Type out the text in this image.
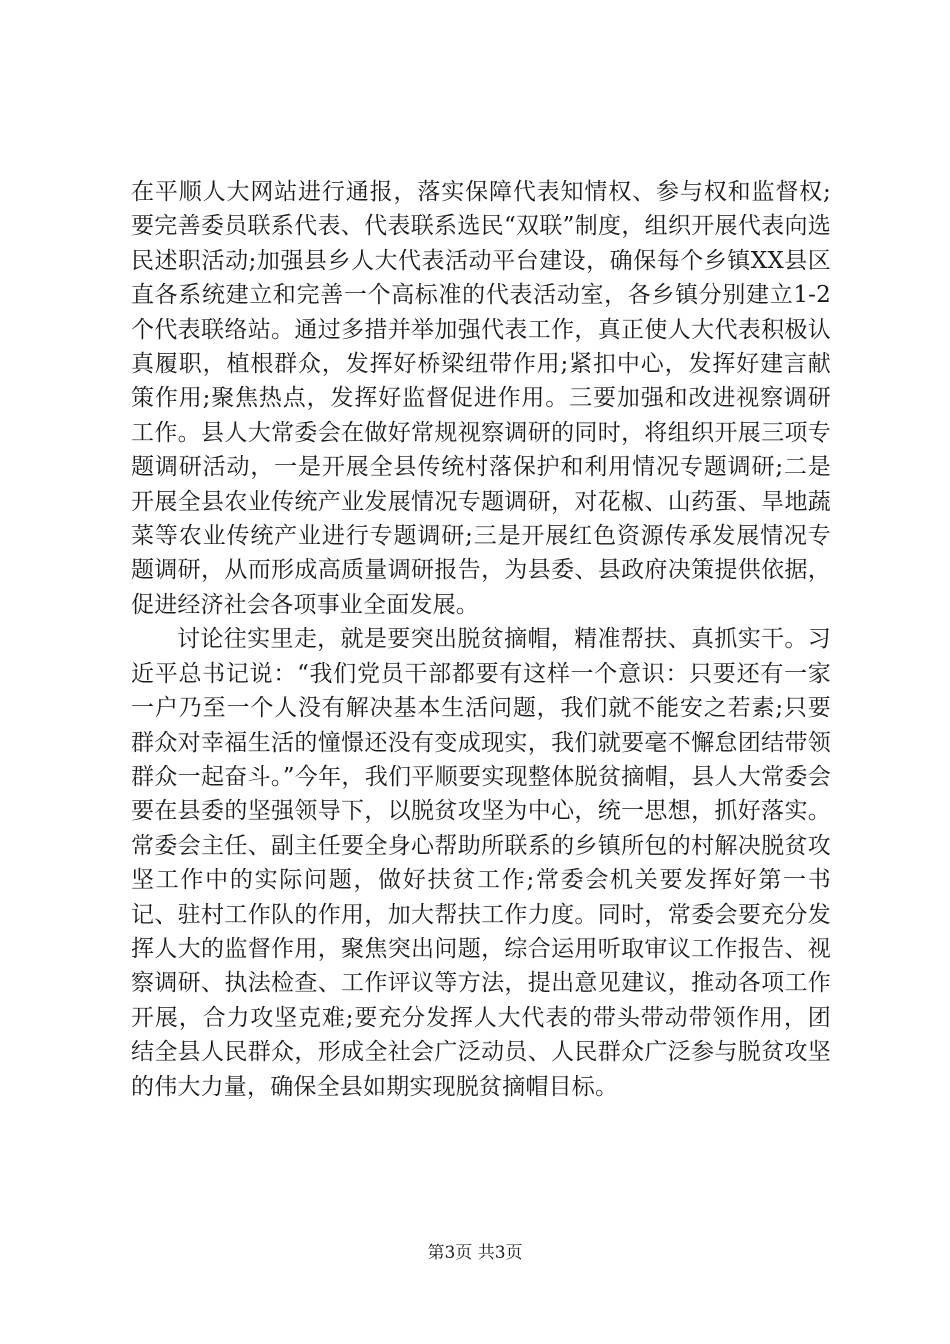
在平顺人大网站进行通报，落实保障代表知情权、参与权和监督权;要完善委员联系代表、代表联系选民“双联”制度，组织开展代表向选民述职活动;加强县乡人大代表活动平台建设，确保每个乡镇XX县区直各系统建立和完善一个高标准的代表活动室，各乡镇分别建立1-2个代表联络站。通过多措并举加强代表工作，真正使人大代表积极认真履职，植根群众，发挥好桥梁纽带作用;紧扣中心，发挥好建言献策作用;聚焦热点，发挥好监督促进作用。三要加强和改进视察调研工作。县人大常委会在做好常规视察调研的同时，将组织开展三项专题调研活动，一是开展全县传统村落保护和利用情况专题调研;二是开展全县农业传统产业发展情况专题调研，对花椒、山药蛋、旱地蔬菜等农业传统产业进行专题调研;三是开展红色资源传承发展情况专题调研，从而形成高质量调研报告，为县委、县政府决策提供依据，促进经济社会各项事业全面发展。

讨论往实里走，就是要突出脱贫摘帽，精准帮扶、真抓实干。习近平总书记说：“我们党员干部都要有这样一个意识：只要还有一家一户乃至一个人没有解决基本生活问题，我们就不能安之若素;只要群众对幸福生活的憧憬还没有变成现实，我们就要毫不懈怠团结带领群众一起奋斗。”今年，我们平顺要实现整体脱贫摘帽，县人大常委会要在县委的坚强领导下，以脱贫攻坚为中心，统一思想，抓好落实。常委会主任、副主任要全身心帮助所联系的乡镇所包的村解决脱贫攻坚工作中的实际问题，做好扶贫工作;常委会机关要发挥好第一书记、驻村工作队的作用，加大帮扶工作力度。同时，常委会要充分发挥人大的监督作用，聚焦突出问题，综合运用听取审议工作报告、视察调研、执法检查、工作评议等方法，提出意见建议，推动各项工作开展，合力攻坚克难;要充分发挥人大代表的带头带动带领作用，团结全县人民群众，形成全社会广泛动员、人民群众广泛参与脱贫攻坚的伟大力量，确保全县如期实现脱贫摘帽目标。

第3页 共3页
